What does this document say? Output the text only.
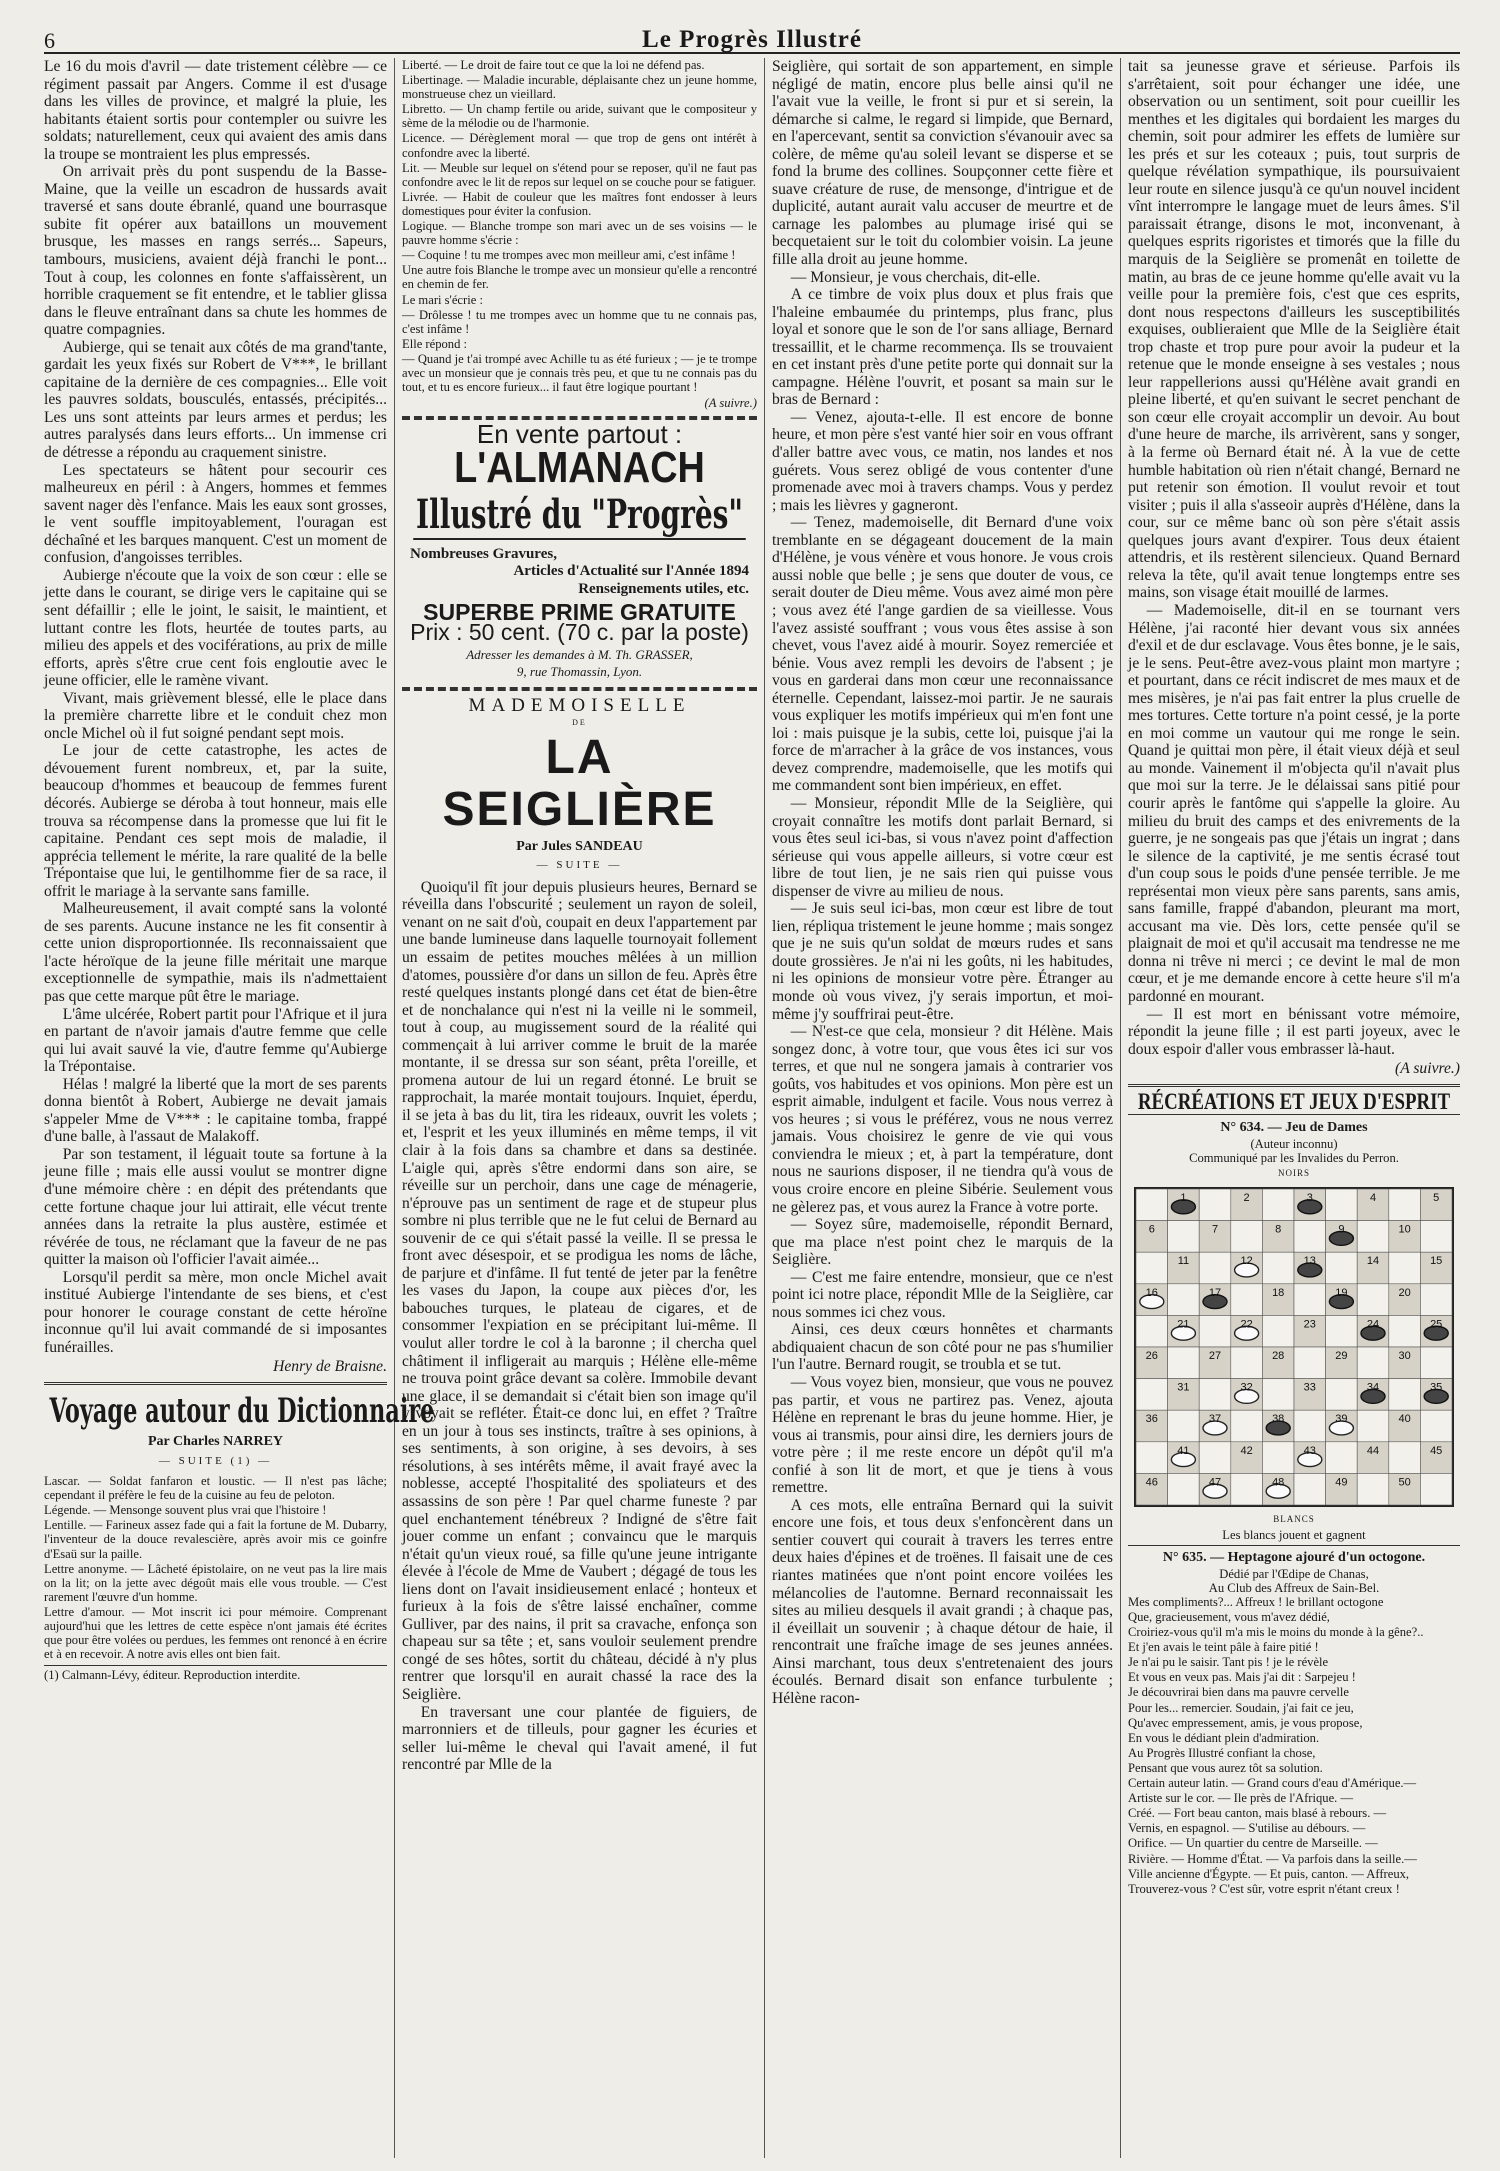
6	Le Progrès Illustré

Le 16 du mois d'avril — date tristement célèbre — ce régiment passait par Angers. Comme il est d'usage dans les villes de province, et malgré la pluie, les habitants étaient sortis pour contempler ou suivre les soldats; naturellement, ceux qui avaient des amis dans la troupe se montraient les plus empressés.

On arrivait près du pont suspendu de la Basse-Maine, que la veille un escadron de hussards avait traversé et sans doute ébranlé, quand une bourrasque subite fit opérer aux bataillons un mouvement brusque, les masses en rangs serrés... Sapeurs, tambours, musiciens, avaient déjà franchi le pont... Tout à coup, les colonnes en fonte s'affaissèrent, un horrible craquement se fit entendre, et le tablier glissa dans le fleuve entraînant dans sa chute les hommes de quatre compagnies.

Aubierge, qui se tenait aux côtés de ma grand'tante, gardait les yeux fixés sur Robert de V***, le brillant capitaine de la dernière de ces compagnies... Elle voit les pauvres soldats, bousculés, entassés, précipités... Les uns sont atteints par leurs armes et perdus; les autres paralysés dans leurs efforts... Un immense cri de détresse a répondu au craquement sinistre.

Les spectateurs se hâtent pour secourir ces malheureux en péril : à Angers, hommes et femmes savent nager dès l'enfance. Mais les eaux sont grosses, le vent souffle impitoyablement, l'ouragan est déchaîné et les barques manquent. C'est un moment de confusion, d'angoisses terribles.

Aubierge n'écoute que la voix de son cœur : elle se jette dans le courant, se dirige vers le capitaine qui se sent défaillir ; elle le joint, le saisit, le maintient, et luttant contre les flots, heurtée de toutes parts, au milieu des appels et des vociférations, au prix de mille efforts, après s'être crue cent fois engloutie avec le jeune officier, elle le ramène vivant.

Vivant, mais grièvement blessé, elle le place dans la première charrette libre et le conduit chez mon oncle Michel où il fut soigné pendant sept mois.

Le jour de cette catastrophe, les actes de dévouement furent nombreux, et, par la suite, beaucoup d'hommes et beaucoup de femmes furent décorés. Aubierge se déroba à tout honneur, mais elle trouva sa récompense dans la promesse que lui fit le capitaine. Pendant ces sept mois de maladie, il apprécia tellement le mérite, la rare qualité de la belle Trépontaise que lui, le gentilhomme fier de sa race, il offrit le mariage à la servante sans famille.

Malheureusement, il avait compté sans la volonté de ses parents. Aucune instance ne les fit consentir à cette union disproportionnée. Ils reconnaissaient que l'acte héroïque de la jeune fille méritait une marque exceptionnelle de sympathie, mais ils n'admettaient pas que cette marque pût être le mariage.

L'âme ulcérée, Robert partit pour l'Afrique et il jura en partant de n'avoir jamais d'autre femme que celle qui lui avait sauvé la vie, d'autre femme qu'Aubierge la Trépontaise.

Hélas ! malgré la liberté que la mort de ses parents donna bientôt à Robert, Aubierge ne devait jamais s'appeler Mme de V*** : le capitaine tomba, frappé d'une balle, à l'assaut de Malakoff.

Par son testament, il léguait toute sa fortune à la jeune fille ; mais elle aussi voulut se montrer digne d'une mémoire chère : en dépit des prétendants que cette fortune chaque jour lui attirait, elle vécut trente années dans la retraite la plus austère, estimée et révérée de tous, ne réclamant que la faveur de ne pas quitter la maison où l'officier l'avait aimée...

Lorsqu'il perdit sa mère, mon oncle Michel avait institué Aubierge l'intendante de ses biens, et c'est pour honorer le courage constant de cette héroïne inconnue qu'il lui avait commandé de si imposantes funérailles.

Henry de Braisne.
Voyage autour du Dictionnaire
Par Charles NARREY
— SUITE (1) —

Lascar. — Soldat fanfaron et loustic. — Il n'est pas lâche; cependant il préfère le feu de la cuisine au feu de peloton.

Légende. — Mensonge souvent plus vrai que l'histoire !

Lentille. — Farineux assez fade qui a fait la fortune de M. Dubarry, l'inventeur de la douce revalescière, après avoir mis ce goinfre d'Esaü sur la paille.

Lettre anonyme. — Lâcheté épistolaire, on ne veut pas la lire mais on la lit; on la jette avec dégoût mais elle vous trouble. — C'est rarement l'œuvre d'un homme.

Lettre d'amour. — Mot inscrit ici pour mémoire. Comprenant aujourd'hui que les lettres de cette espèce n'ont jamais été écrites que pour être volées ou perdues, les femmes ont renoncé à en écrire et à en recevoir. A notre avis elles ont bien fait.

(1) Calmann-Lévy, éditeur. Reproduction interdite.

Liberté. — Le droit de faire tout ce que la loi ne défend pas.

Libertinage. — Maladie incurable, déplaisante chez un jeune homme, monstrueuse chez un vieillard.

Libretto. — Un champ fertile ou aride, suivant que le compositeur y sème de la mélodie ou de l'harmonie.

Licence. — Dérèglement moral — que trop de gens ont intérêt à confondre avec la liberté.

Lit. — Meuble sur lequel on s'étend pour se reposer, qu'il ne faut pas confondre avec le lit de repos sur lequel on se couche pour se fatiguer.

Livrée. — Habit de couleur que les maîtres font endosser à leurs domestiques pour éviter la confusion.

Logique. — Blanche trompe son mari avec un de ses voisins — le pauvre homme s'écrie :

— Coquine ! tu me trompes avec mon meilleur ami, c'est infâme !

Une autre fois Blanche le trompe avec un monsieur qu'elle a rencontré en chemin de fer.

Le mari s'écrie :

— Drôlesse ! tu me trompes avec un homme que tu ne connais pas, c'est infâme !

Elle répond :

— Quand je t'ai trompé avec Achille tu as été furieux ; — je te trompe avec un monsieur que je connais très peu, et que tu ne connais pas du tout, et tu es encore furieux... il faut être logique pourtant !

(A suivre.)
En vente partout :
L'ALMANACH
Illustré du "Progrès"
Nombreuses Gravures,
Articles d'Actualité sur l'Année 1894
Renseignements utiles, etc.
SUPERBE PRIME GRATUITE
Prix : 50 cent. (70 c. par la poste)
Adresser les demandes à M. Th. GRASSER,
9, rue Thomassin, Lyon.
MADEMOISELLE
DE
LA SEIGLIÈRE
Par Jules SANDEAU
— SUITE —

Quoiqu'il fît jour depuis plusieurs heures, Bernard se réveilla dans l'obscurité ; seulement un rayon de soleil, venant on ne sait d'où, coupait en deux l'appartement par une bande lumineuse dans laquelle tournoyait follement un essaim de petites mouches mêlées à un million d'atomes, poussière d'or dans un sillon de feu. Après être resté quelques instants plongé dans cet état de bien-être et de nonchalance qui n'est ni la veille ni le sommeil, tout à coup, au mugissement sourd de la réalité qui commençait à lui arriver comme le bruit de la marée montante, il se dressa sur son séant, prêta l'oreille, et promena autour de lui un regard étonné. Le bruit se rapprochait, la marée montait toujours. Inquiet, éperdu, il se jeta à bas du lit, tira les rideaux, ouvrit les volets ; et, l'esprit et les yeux illuminés en même temps, il vit clair à la fois dans sa chambre et dans sa destinée. L'aigle qui, après s'être endormi dans son aire, se réveille sur un perchoir, dans une cage de ménagerie, n'éprouve pas un sentiment de rage et de stupeur plus sombre ni plus terrible que ne le fut celui de Bernard au souvenir de ce qui s'était passé la veille. Il se pressa le front avec désespoir, et se prodigua les noms de lâche, de parjure et d'infâme. Il fut tenté de jeter par la fenêtre les vases du Japon, la coupe aux pièces d'or, les babouches turques, le plateau de cigares, et de consommer l'expiation en se précipitant lui-même. Il voulut aller tordre le col à la baronne ; il chercha quel châtiment il infligerait au marquis ; Hélène elle-même ne trouva point grâce devant sa colère. Immobile devant une glace, il se demandait si c'était bien son image qu'il y voyait se refléter. Était-ce donc lui, en effet ? Traître en un jour à tous ses instincts, traître à ses opinions, à ses sentiments, à son origine, à ses devoirs, à ses résolutions, à ses intérêts même, il avait frayé avec la noblesse, accepté l'hospitalité des spoliateurs et des assassins de son père ! Par quel charme funeste ? par quel enchantement ténébreux ? Indigné de s'être fait jouer comme un enfant ; convaincu que le marquis n'était qu'un vieux roué, sa fille qu'une jeune intrigante élevée à l'école de Mme de Vaubert ; dégagé de tous les liens dont on l'avait insidieusement enlacé ; honteux et furieux à la fois de s'être laissé enchaîner, comme Gulliver, par des nains, il prit sa cravache, enfonça son chapeau sur sa tête ; et, sans vouloir seulement prendre congé de ses hôtes, sortit du château, décidé à n'y plus rentrer que lorsqu'il en aurait chassé la race des la Seiglière.

En traversant une cour plantée de figuiers, de marronniers et de tilleuls, pour gagner les écuries et seller lui-même le cheval qui l'avait amené, il fut rencontré par Mlle de la

Seiglière, qui sortait de son appartement, en simple négligé de matin, encore plus belle ainsi qu'il ne l'avait vue la veille, le front si pur et si serein, la démarche si calme, le regard si limpide, que Bernard, en l'apercevant, sentit sa conviction s'évanouir avec sa colère, de même qu'au soleil levant se disperse et se fond la brume des collines. Soupçonner cette fière et suave créature de ruse, de mensonge, d'intrigue et de duplicité, autant aurait valu accuser de meurtre et de carnage les palombes au plumage irisé qui se becquetaient sur le toit du colombier voisin. La jeune fille alla droit au jeune homme.

— Monsieur, je vous cherchais, dit-elle.

A ce timbre de voix plus doux et plus frais que l'haleine embaumée du printemps, plus franc, plus loyal et sonore que le son de l'or sans alliage, Bernard tressaillit, et le charme recommença. Ils se trouvaient en cet instant près d'une petite porte qui donnait sur la campagne. Hélène l'ouvrit, et posant sa main sur le bras de Bernard :

— Venez, ajouta-t-elle. Il est encore de bonne heure, et mon père s'est vanté hier soir en vous offrant d'aller battre avec vous, ce matin, nos landes et nos guérets. Vous serez obligé de vous contenter d'une promenade avec moi à travers champs. Vous y perdez ; mais les lièvres y gagneront.

— Tenez, mademoiselle, dit Bernard d'une voix tremblante en se dégageant doucement de la main d'Hélène, je vous vénère et vous honore. Je vous crois aussi noble que belle ; je sens que douter de vous, ce serait douter de Dieu même. Vous avez aimé mon père ; vous avez été l'ange gardien de sa vieillesse. Vous l'avez assisté souffrant ; vous vous êtes assise à son chevet, vous l'avez aidé à mourir. Soyez remerciée et bénie. Vous avez rempli les devoirs de l'absent ; je vous en garderai dans mon cœur une reconnaissance éternelle. Cependant, laissez-moi partir. Je ne saurais vous expliquer les motifs impérieux qui m'en font une loi : mais puisque je la subis, cette loi, puisque j'ai la force de m'arracher à la grâce de vos instances, vous devez comprendre, mademoiselle, que les motifs qui me commandent sont bien impérieux, en effet.

— Monsieur, répondit Mlle de la Seiglière, qui croyait connaître les motifs dont parlait Bernard, si vous êtes seul ici-bas, si vous n'avez point d'affection sérieuse qui vous appelle ailleurs, si votre cœur est libre de tout lien, je ne sais rien qui puisse vous dispenser de vivre au milieu de nous.

— Je suis seul ici-bas, mon cœur est libre de tout lien, répliqua tristement le jeune homme ; mais songez que je ne suis qu'un soldat de mœurs rudes et sans doute grossières. Je n'ai ni les goûts, ni les habitudes, ni les opinions de monsieur votre père. Étranger au monde où vous vivez, j'y serais importun, et moi-même j'y souffrirai peut-être.

— N'est-ce que cela, monsieur ? dit Hélène. Mais songez donc, à votre tour, que vous êtes ici sur vos terres, et que nul ne songera jamais à contrarier vos goûts, vos habitudes et vos opinions. Mon père est un esprit aimable, indulgent et facile. Vous nous verrez à vos heures ; si vous le préférez, vous ne nous verrez jamais. Vous choisirez le genre de vie qui vous conviendra le mieux ; et, à part la température, dont nous ne saurions disposer, il ne tiendra qu'à vous de vous croire encore en pleine Sibérie. Seulement vous ne gèlerez pas, et vous aurez la France à votre porte.

— Soyez sûre, mademoiselle, répondit Bernard, que ma place n'est point chez le marquis de la Seiglière.

— C'est me faire entendre, monsieur, que ce n'est point ici notre place, répondit Mlle de la Seiglière, car nous sommes ici chez vous.

Ainsi, ces deux cœurs honnêtes et charmants abdiquaient chacun de son côté pour ne pas s'humilier l'un l'autre. Bernard rougit, se troubla et se tut.

— Vous voyez bien, monsieur, que vous ne pouvez pas partir, et vous ne partirez pas. Venez, ajouta Hélène en reprenant le bras du jeune homme. Hier, je vous ai transmis, pour ainsi dire, les derniers jours de votre père ; il me reste encore un dépôt qu'il m'a confié à son lit de mort, et que je tiens à vous remettre.

A ces mots, elle entraîna Bernard qui la suivit encore une fois, et tous deux s'enfoncèrent dans un sentier couvert qui courait à travers les terres entre deux haies d'épines et de troënes. Il faisait une de ces riantes matinées que n'ont point encore voilées les mélancolies de l'automne. Bernard reconnaissait les sites au milieu desquels il avait grandi ; à chaque pas, il éveillait un souvenir ; à chaque détour de haie, il rencontrait une fraîche image de ses jeunes années. Ainsi marchant, tous deux s'entretenaient des jours écoulés. Bernard disait son enfance turbulente ; Hélène racon-

tait sa jeunesse grave et sérieuse. Parfois ils s'arrêtaient, soit pour échanger une idée, une observation ou un sentiment, soit pour cueillir les menthes et les digitales qui bordaient les marges du chemin, soit pour admirer les effets de lumière sur les prés et sur les coteaux ; puis, tout surpris de quelque révélation sympathique, ils poursuivaient leur route en silence jusqu'à ce qu'un nouvel incident vînt interrompre le langage muet de leurs âmes. S'il paraissait étrange, disons le mot, inconvenant, à quelques esprits rigoristes et timorés que la fille du marquis de la Seiglière se promenât en toilette de matin, au bras de ce jeune homme qu'elle avait vu la veille pour la première fois, c'est que ces esprits, dont nous respectons d'ailleurs les susceptibilités exquises, oublieraient que Mlle de la Seiglière était trop chaste et trop pure pour avoir la pudeur et la retenue que le monde enseigne à ses vestales ; nous leur rappellerions aussi qu'Hélène avait grandi en pleine liberté, et qu'en suivant le secret penchant de son cœur elle croyait accomplir un devoir. Au bout d'une heure de marche, ils arrivèrent, sans y songer, à la ferme où Bernard était né. À la vue de cette humble habitation où rien n'était changé, Bernard ne put retenir son émotion. Il voulut revoir et tout visiter ; puis il alla s'asseoir auprès d'Hélène, dans la cour, sur ce même banc où son père s'était assis quelques jours avant d'expirer. Tous deux étaient attendris, et ils restèrent silencieux. Quand Bernard releva la tête, qu'il avait tenue longtemps entre ses mains, son visage était mouillé de larmes.

— Mademoiselle, dit-il en se tournant vers Hélène, j'ai raconté hier devant vous six années d'exil et de dur esclavage. Vous êtes bonne, je le sais, je le sens. Peut-être avez-vous plaint mon martyre ; et pourtant, dans ce récit indiscret de mes maux et de mes misères, je n'ai pas fait entrer la plus cruelle de mes tortures. Cette torture n'a point cessé, je la porte en moi comme un vautour qui me ronge le sein. Quand je quittai mon père, il était vieux déjà et seul au monde. Vainement il m'objecta qu'il n'avait plus que moi sur la terre. Je le délaissai sans pitié pour courir après le fantôme qui s'appelle la gloire. Au milieu du bruit des camps et des enivrements de la guerre, je ne songeais pas que j'étais un ingrat ; dans le silence de la captivité, je me sentis écrasé tout d'un coup sous le poids d'une pensée terrible. Je me représentai mon vieux père sans parents, sans amis, sans famille, frappé d'abandon, pleurant ma mort, accusant ma vie. Dès lors, cette pensée qu'il se plaignait de moi et qu'il accusait ma tendresse ne me donna ni trêve ni merci ; ce devint le mal de mon cœur, et je me demande encore à cette heure s'il m'a pardonné en mourant.

— Il est mort en bénissant votre mémoire, répondit la jeune fille ; il est parti joyeux, avec le doux espoir d'aller vous embrasser là-haut.

(A suivre.)
RÉCRÉATIONS ET JEUX D'ESPRIT
N° 634. — Jeu de Dames
(Auteur inconnu)
Communiqué par les Invalides du Perron.
NOIRS
1	2	3	4	5
6	7	8	9	10
11	12	13	14	15
16	17	18	19	20
21	22	23	24	25
26	27	28	29	30
31	32	33	34	35
36	37	38	39	40
41	42	43	44	45
46	47	48	49	50
BLANCS
Les blancs jouent et gagnent
N° 635. — Heptagone ajouré d'un octogone.
Dédié par l'Œdipe de Chanas,
Au Club des Affreux de Sain-Bel.

Mes compliments?... Affreux ! le brillant octogone

Que, gracieusement, vous m'avez dédié,

Croiriez-vous qu'il m'a mis le moins du monde à la gêne?..

Et j'en avais le teint pâle à faire pitié !

Je n'ai pu le saisir. Tant pis ! je le révèle

Et vous en veux pas. Mais j'ai dit : Sarpejeu !

Je découvrirai bien dans ma pauvre cervelle

Pour les... remercier. Soudain, j'ai fait ce jeu,

Qu'avec empressement, amis, je vous propose,

En vous le dédiant plein d'admiration.

Au Progrès Illustré confiant la chose,

Pensant que vous aurez tôt sa solution.

Certain auteur latin. — Grand cours d'eau d'Amérique.—

Artiste sur le cor. — Ile près de l'Afrique. —

Créé. — Fort beau canton, mais blasé à rebours. —

Vernis, en espagnol. — S'utilise au débours. —

Orifice. — Un quartier du centre de Marseille. —

Rivière. — Homme d'État. — Va parfois dans la seille.—

Ville ancienne d'Égypte. — Et puis, canton. — Affreux,

Trouverez-vous ? C'est sûr, votre esprit n'étant creux !
